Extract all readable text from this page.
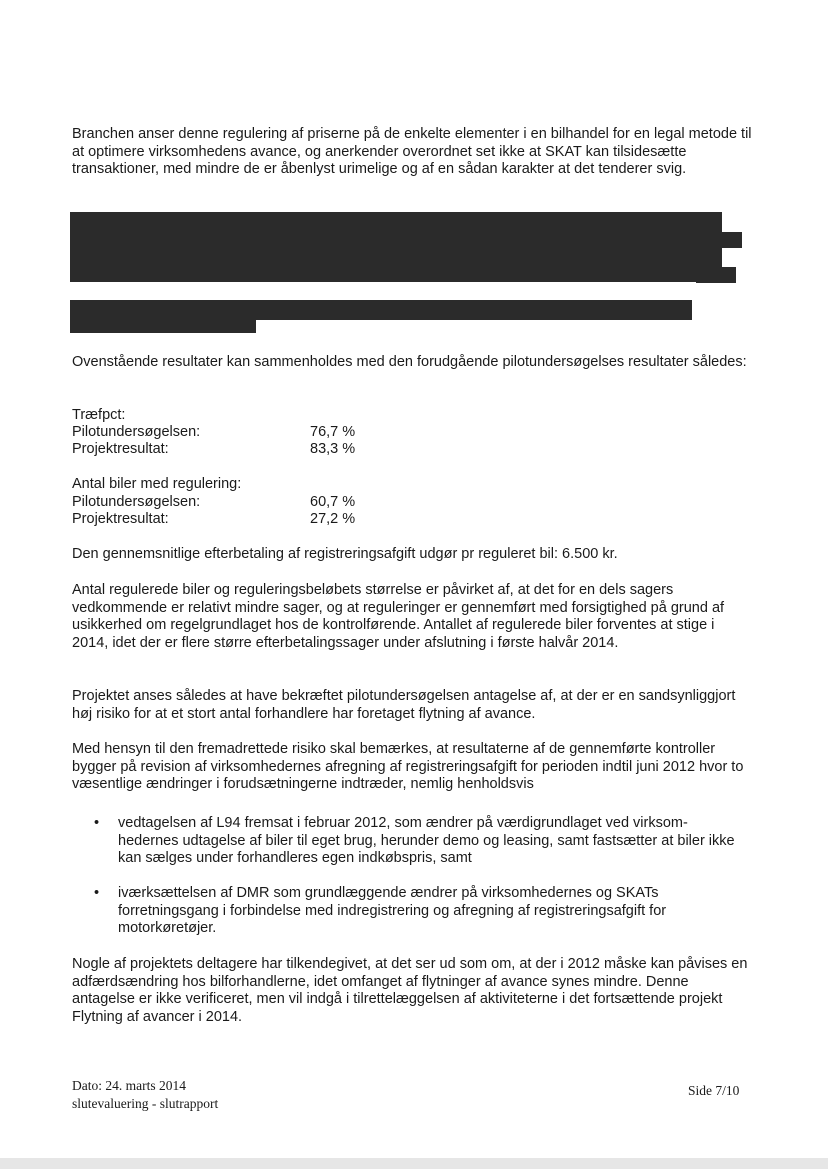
Branchen anser denne regulering af priserne på de enkelte elementer i en bilhandel for en legal metode til at optimere virksomhedens avance, og anerkender overordnet set ikke at SKAT kan tilsidesætte transaktioner, med mindre de er åbenlyst urimelige og af en sådan karakter at det tenderer svig.

Ovenstående resultater kan sammenholdes med den forudgående pilotundersøgelses resultater således:

Træfpct:
Pilotundersøgelsen:	76,7 %
Projektresultat:	83,3 %
Antal biler med regulering:
Pilotundersøgelsen:	60,7 %
Projektresultat:	27,2 %

Den gennemsnitlige efterbetaling af registreringsafgift udgør pr reguleret bil: 6.500 kr.

Antal regulerede biler og reguleringsbeløbets størrelse er påvirket af, at det for en dels sagers vedkommende er relativt mindre sager, og at reguleringer er gennemført med forsigtighed på grund af usikkerhed om regelgrundlaget hos de kontrolførende. Antallet af regulerede biler forventes at stige i 2014, idet der er flere større efterbetalingssager under afslutning i første halvår 2014.

Projektet anses således at have bekræftet pilotundersøgelsen antagelse af, at der er en sandsynliggjort høj risiko for at et stort antal forhandlere har foretaget flytning af avance.

Med hensyn til den fremadrettede risiko skal bemærkes, at resultaterne af de gennemførte kontroller bygger på revision af virksomhedernes afregning af registreringsafgift for perioden indtil juni 2012 hvor to væsentlige ændringer i forudsætningerne indtræder, nemlig henholdsvis

• vedtagelsen af L94 fremsat i februar 2012, som ændrer på værdigrundlaget ved virksom-hedernes udtagelse af biler til eget brug, herunder demo og leasing, samt fastsætter at biler ikke kan sælges under forhandleres egen indkøbspris, samt

• iværksættelsen af DMR som grundlæggende ændrer på virksomhedernes og SKATs forretningsgang i forbindelse med indregistrering og afregning af registreringsafgift for motorkøretøjer.

Nogle af projektets deltagere har tilkendegivet, at det ser ud som om, at der i 2012 måske kan påvises en adfærdsændring hos bilforhandlerne, idet omfanget af flytninger af avance synes mindre. Denne antagelse er ikke verificeret, men vil indgå i tilrettelæggelsen af aktiviteterne i det fortsættende projekt Flytning af avancer i 2014.

Dato: 24. marts 2014
slutevaluering - slutrapport
Side 7/10
